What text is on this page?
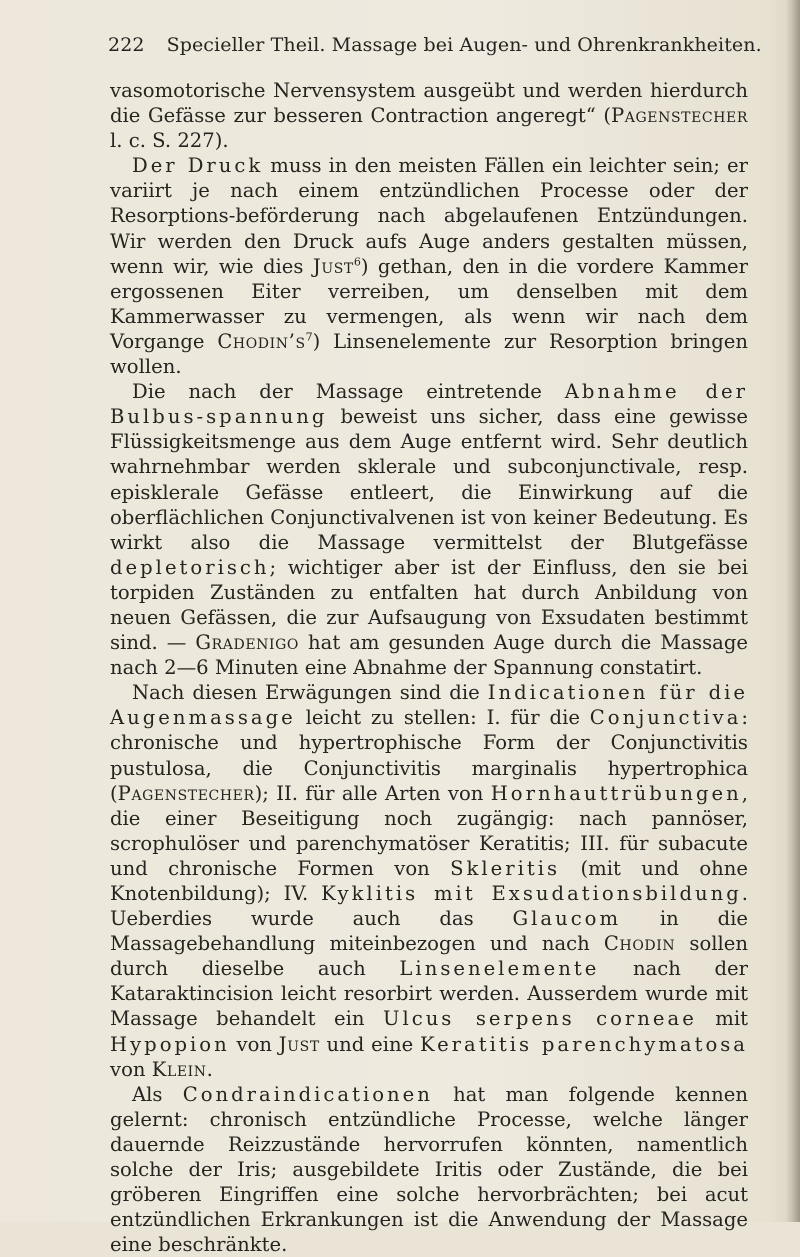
222 Specieller Theil. Massage bei Augen- und Ohrenkrankheiten.

vasomotorische Nervensystem ausgeübt und werden hierdurch die Gefässe zur besseren Contraction angeregt“ (Pagenstecher l. c. S. 227).

Der Druck muss in den meisten Fällen ein leichter sein; er variirt je nach einem entzündlichen Processe oder der Resorptions-beförderung nach abgelaufenen Entzündungen. Wir werden den Druck aufs Auge anders gestalten müssen, wenn wir, wie dies Just$^6$) gethan, den in die vordere Kammer ergossenen Eiter verreiben, um denselben mit dem Kammerwasser zu vermengen, als wenn wir nach dem Vorgange $Chodin’s^7$) Linsenelemente zur Resorption bringen wollen.

Die nach der Massage eintretende Abnahme der Bulbus-spannung beweist uns sicher, dass eine gewisse Flüssigkeitsmenge aus dem Auge entfernt wird. Sehr deutlich wahrnehmbar werden sklerale und subconjunctivale, resp. episklerale Gefässe entleert, die Einwirkung auf die oberflächlichen Conjunctivalvenen ist von keiner Bedeutung. Es wirkt also die Massage vermittelst der Blutgefässe depletorisch; wichtiger aber ist der Einfluss, den sie bei torpiden Zuständen zu entfalten hat durch Anbildung von neuen Gefässen, die zur Aufsaugung von Exsudaten bestimmt sind. — Gradenigo hat am gesunden Auge durch die Massage nach 2—6 Minuten eine Abnahme der Spannung constatirt.

Nach diesen Erwägungen sind die Indicationen für die Augenmassage leicht zu stellen: I. für die Conjunctiva: chronische und hypertrophische Form der Conjunctivitis pustulosa, die Conjunctivitis marginalis hypertrophica (Pagenstecher); II. für alle Arten von Hornhauttrübungen, die einer Beseitigung noch zugängig: nach pannöser, scrophulöser und parenchymatöser Keratitis; III. für subacute und chronische Formen von Skleritis (mit und ohne Knotenbildung); IV. Kyklitis mit Exsudationsbildung. Ueberdies wurde auch das Glaucom in die Massagebehandlung miteinbezogen und nach Chodin sollen durch dieselbe auch Linsenelemente nach der Kataraktincision leicht resorbirt werden. Ausserdem wurde mit Massage behandelt ein Ulcus serpens corneae mit Hypopion von Just und eine Keratitis parenchymatosa von Klein.

Als Condraindicationen hat man folgende kennen gelernt: chronisch entzündliche Processe, welche länger dauernde Reizzustände hervorrufen könnten, namentlich solche der Iris; ausgebildete Iritis oder Zustände, die bei gröberen Eingriffen eine solche hervorbrächten; bei acut entzündlichen Erkrankungen ist die Anwendung der Massage eine beschränkte.
